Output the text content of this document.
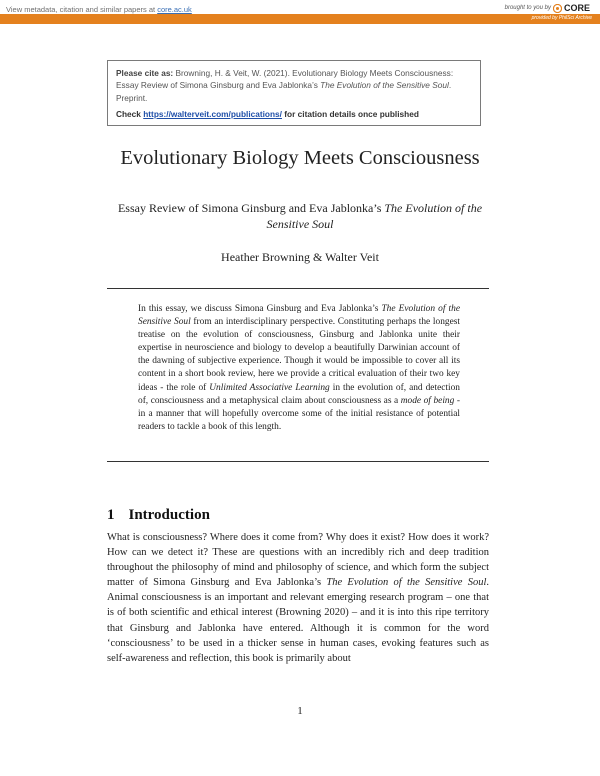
View metadata, citation and similar papers at core.ac.uk	brought to you by CORE
provided by PhilSci Archive
Please cite as: Browning, H. & Veit, W. (2021). Evolutionary Biology Meets Consciousness: Essay Review of Simona Ginsburg and Eva Jablonka’s The Evolution of the Sensitive Soul. Preprint.
Check https://walterveit.com/publications/ for citation details once published
Evolutionary Biology Meets Consciousness
Essay Review of Simona Ginsburg and Eva Jablonka’s The Evolution of the Sensitive Soul
Heather Browning & Walter Veit
In this essay, we discuss Simona Ginsburg and Eva Jablonka’s The Evolution of the Sensitive Soul from an interdisciplinary perspective. Constituting perhaps the longest treatise on the evolution of consciousness, Ginsburg and Jablonka unite their expertise in neuroscience and biology to develop a beautifully Darwinian account of the dawning of subjective experience. Though it would be impossible to cover all its content in a short book review, here we provide a critical evaluation of their two key ideas - the role of Unlimited Associative Learning in the evolution of, and detection of, consciousness and a metaphysical claim about consciousness as a mode of being - in a manner that will hopefully overcome some of the initial resistance of potential readers to tackle a book of this length.
1 Introduction
What is consciousness? Where does it come from? Why does it exist? How does it work? How can we detect it? These are questions with an incredibly rich and deep tradition throughout the philosophy of mind and philosophy of science, and which form the subject matter of Simona Ginsburg and Eva Jablonka’s The Evolution of the Sensitive Soul. Animal consciousness is an important and relevant emerging research program – one that is of both scientific and ethical interest (Browning 2020) – and it is into this ripe territory that Ginsburg and Jablonka have entered. Although it is common for the word ‘consciousness’ to be used in a thicker sense in human cases, evoking features such as self-awareness and reflection, this book is primarily about
1
